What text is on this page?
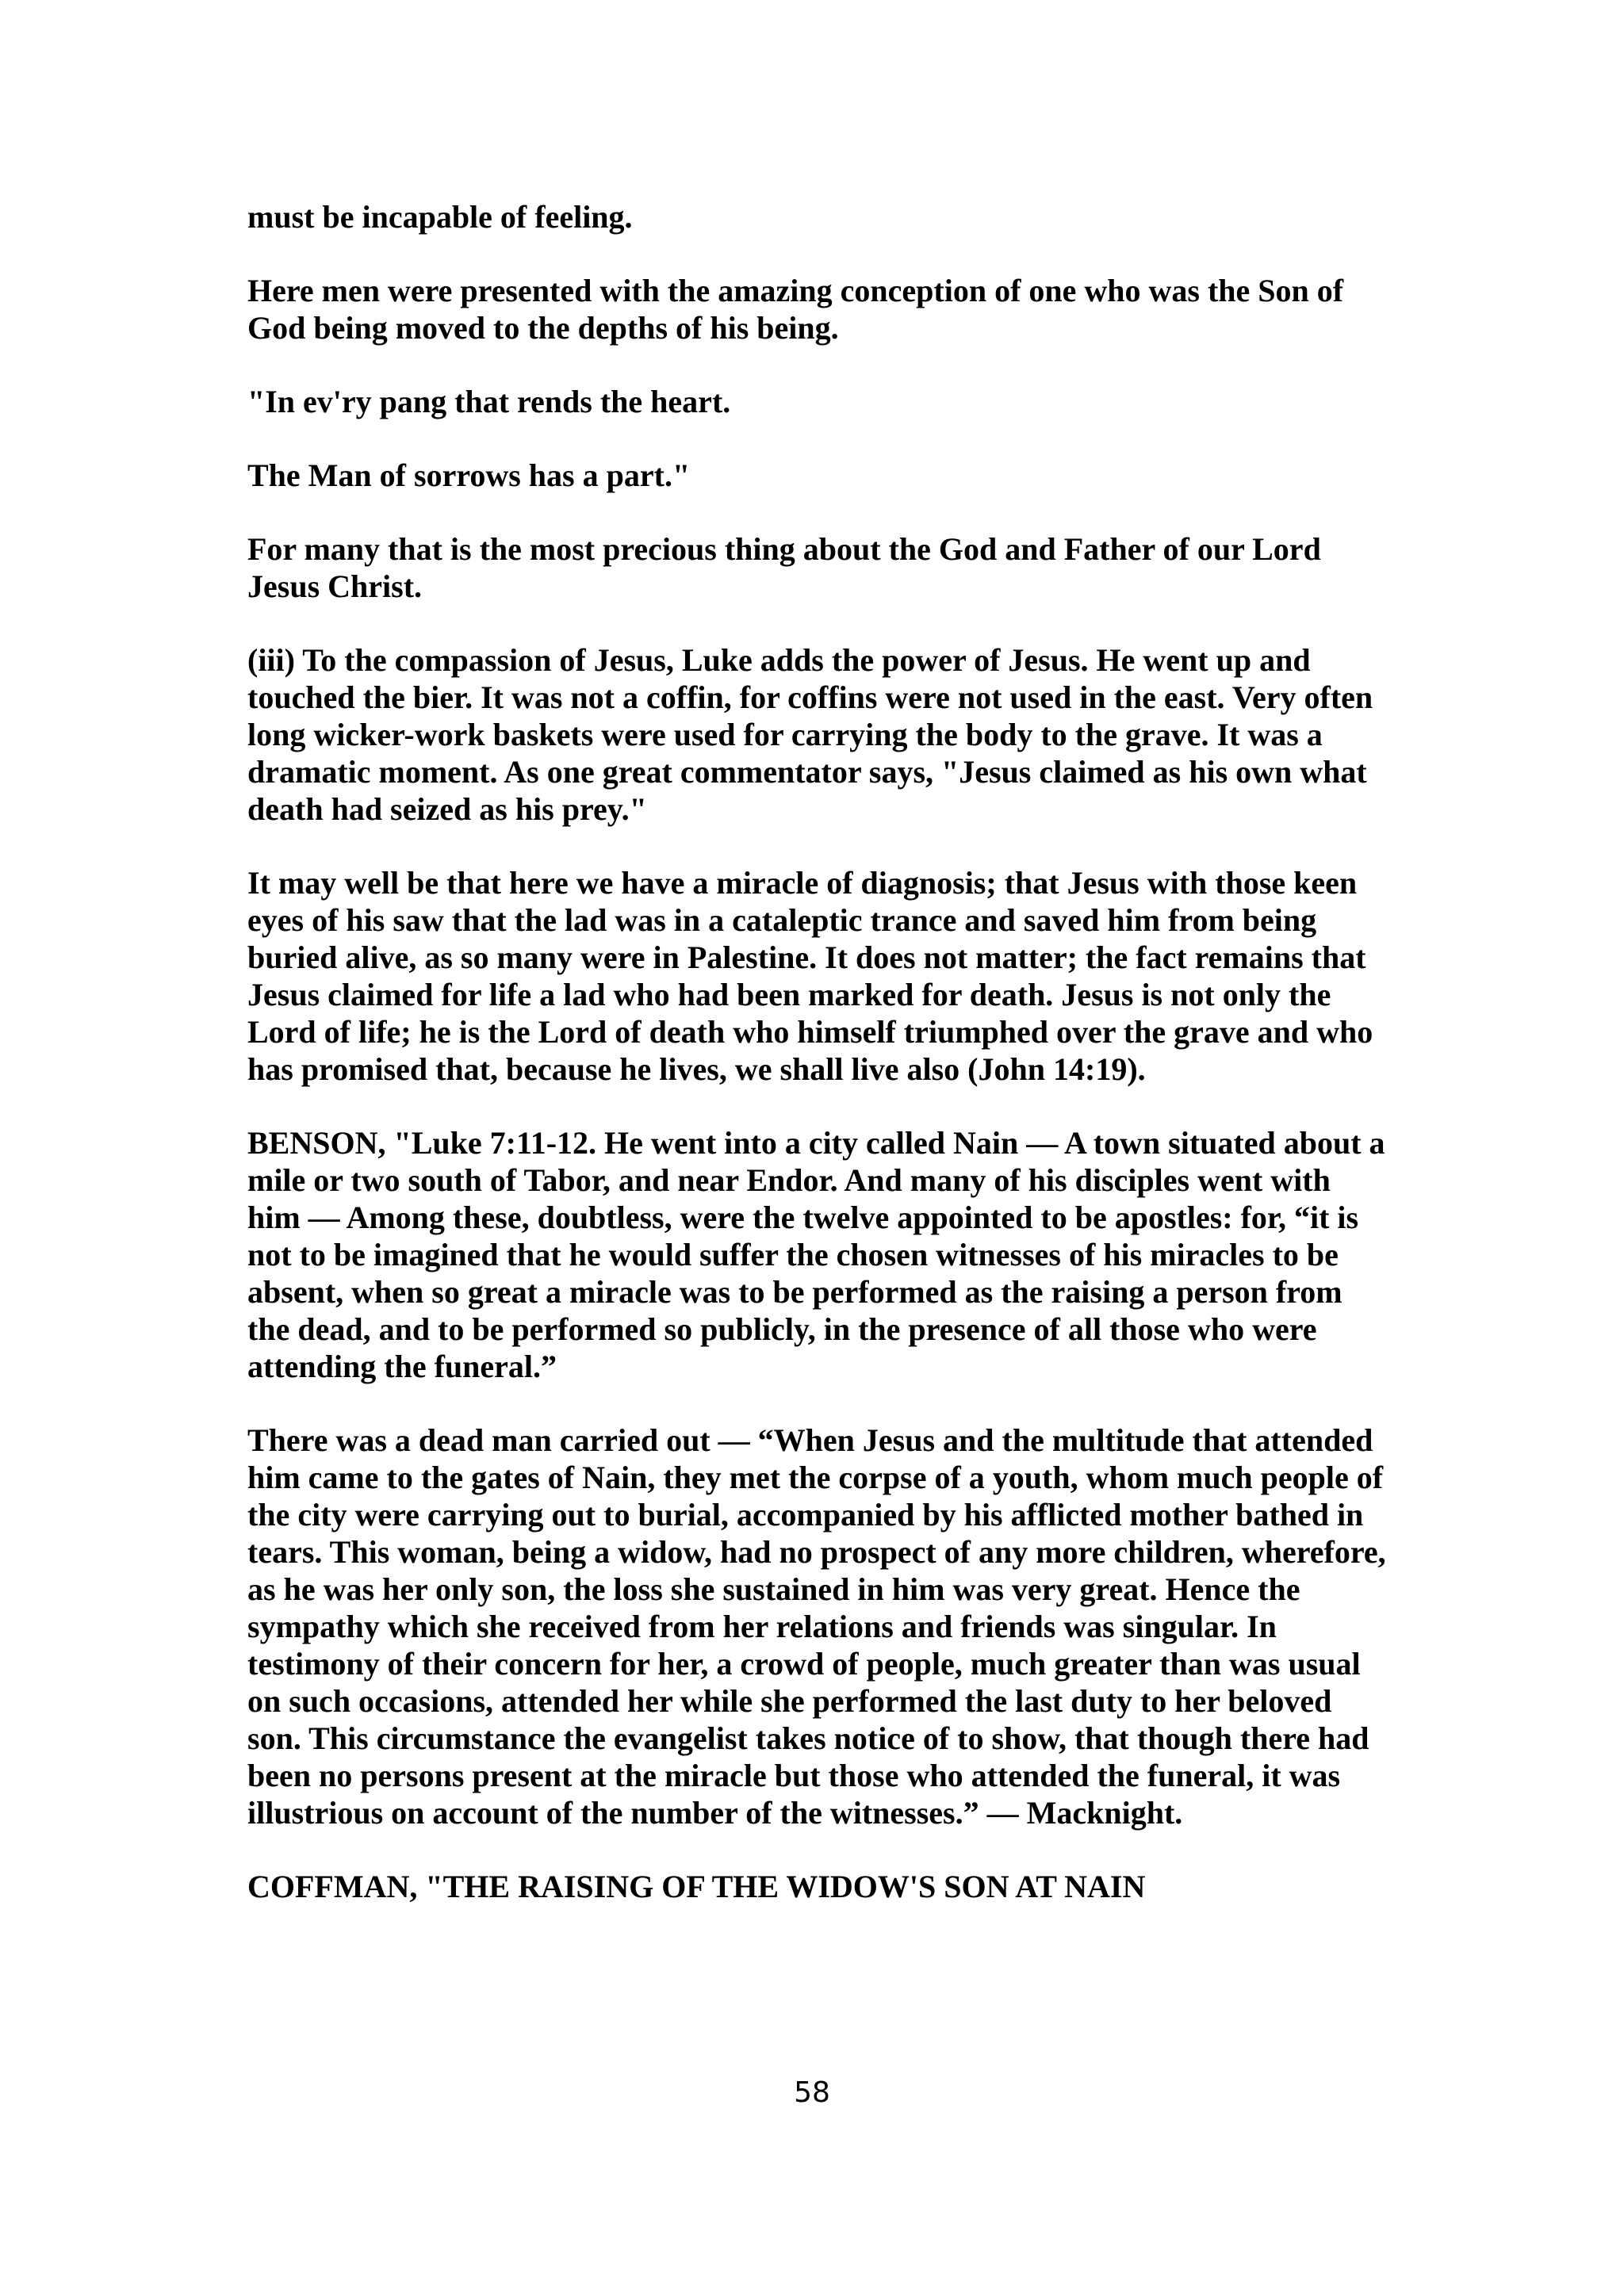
must be incapable of feeling.

Here men were presented with the amazing conception of one who was the Son of God being moved to the depths of his being.

"In ev'ry pang that rends the heart.

The Man of sorrows has a part."

For many that is the most precious thing about the God and Father of our Lord Jesus Christ.

(iii) To the compassion of Jesus, Luke adds the power of Jesus. He went up and touched the bier. It was not a coffin, for coffins were not used in the east. Very often long wicker-work baskets were used for carrying the body to the grave. It was a dramatic moment. As one great commentator says, "Jesus claimed as his own what death had seized as his prey."

It may well be that here we have a miracle of diagnosis; that Jesus with those keen eyes of his saw that the lad was in a cataleptic trance and saved him from being buried alive, as so many were in Palestine. It does not matter; the fact remains that Jesus claimed for life a lad who had been marked for death. Jesus is not only the Lord of life; he is the Lord of death who himself triumphed over the grave and who has promised that, because he lives, we shall live also (John 14:19).

BENSON, "Luke 7:11-12. He went into a city called Nain — A town situated about a mile or two south of Tabor, and near Endor. And many of his disciples went with him — Among these, doubtless, were the twelve appointed to be apostles: for, “it is not to be imagined that he would suffer the chosen witnesses of his miracles to be absent, when so great a miracle was to be performed as the raising a person from the dead, and to be performed so publicly, in the presence of all those who were attending the funeral.”

There was a dead man carried out — “When Jesus and the multitude that attended him came to the gates of Nain, they met the corpse of a youth, whom much people of the city were carrying out to burial, accompanied by his afflicted mother bathed in tears. This woman, being a widow, had no prospect of any more children, wherefore, as he was her only son, the loss she sustained in him was very great. Hence the sympathy which she received from her relations and friends was singular. In testimony of their concern for her, a crowd of people, much greater than was usual on such occasions, attended her while she performed the last duty to her beloved son. This circumstance the evangelist takes notice of to show, that though there had been no persons present at the miracle but those who attended the funeral, it was illustrious on account of the number of the witnesses.” — Macknight.

COFFMAN, "THE RAISING OF THE WIDOW'S SON AT NAIN

58
